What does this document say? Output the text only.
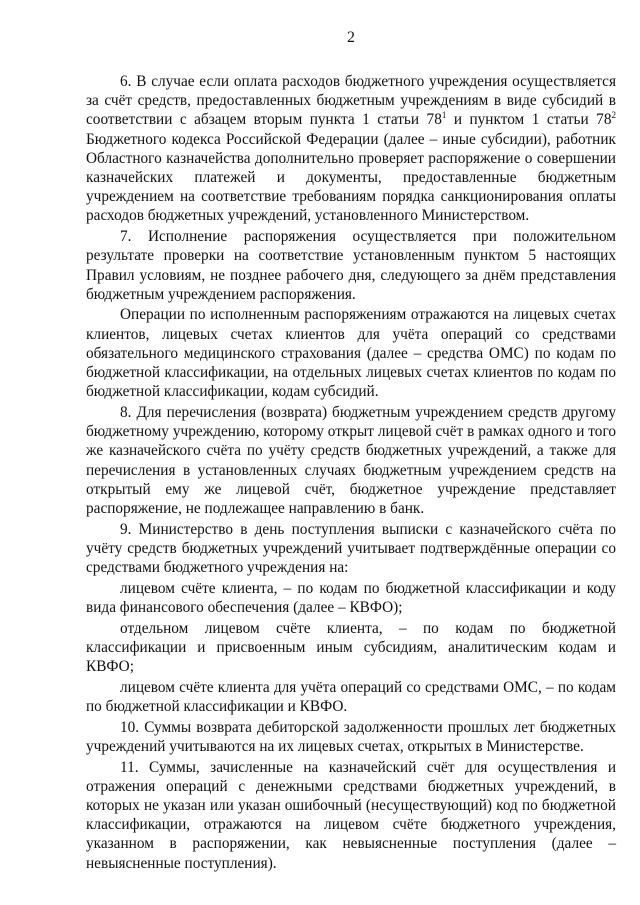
2

6. В случае если оплата расходов бюджетного учреждения осуществляется за счёт средств, предоставленных бюджетным учреждениям в виде субсидий в соответствии с абзацем вторым пункта 1 статьи $78^1$ и пунктом 1 статьи $78^2$ Бюджетного кодекса Российской Федерации (далее – иные субсидии), работник Областного казначейства дополнительно проверяет распоряжение о совершении казначейских платежей и документы, предоставленные бюджетным учреждением на соответствие требованиям порядка санкционирования оплаты расходов бюджетных учреждений, установленного Министерством.

7. Исполнение распоряжения осуществляется при положительном результате проверки на соответствие установленным пунктом 5 настоящих Правил условиям, не позднее рабочего дня, следующего за днём представления бюджетным учреждением распоряжения.

Операции по исполненным распоряжениям отражаются на лицевых счетах клиентов, лицевых счетах клиентов для учёта операций со средствами обязательного медицинского страхования (далее – средства ОМС) по кодам по бюджетной классификации, на отдельных лицевых счетах клиентов по кодам по бюджетной классификации, кодам субсидий.

8. Для перечисления (возврата) бюджетным учреждением средств другому бюджетному учреждению, которому открыт лицевой счёт в рамках одного и того же казначейского счёта по учёту средств бюджетных учреждений, а также для перечисления в установленных случаях бюджетным учреждением средств на открытый ему же лицевой счёт, бюджетное учреждение представляет распоряжение, не подлежащее направлению в банк.

9. Министерство в день поступления выписки с казначейского счёта по учёту средств бюджетных учреждений учитывает подтверждённые операции со средствами бюджетного учреждения на:

лицевом счёте клиента, – по кодам по бюджетной классификации и коду вида финансового обеспечения (далее – КВФО);

отдельном лицевом счёте клиента, – по кодам по бюджетной классификации и присвоенным иным субсидиям, аналитическим кодам и КВФО;

лицевом счёте клиента для учёта операций со средствами ОМС, – по кодам по бюджетной классификации и КВФО.

10. Суммы возврата дебиторской задолженности прошлых лет бюджетных учреждений учитываются на их лицевых счетах, открытых в Министерстве.

11. Суммы, зачисленные на казначейский счёт для осуществления и отражения операций с денежными средствами бюджетных учреждений, в которых не указан или указан ошибочный (несуществующий) код по бюджетной классификации, отражаются на лицевом счёте бюджетного учреждения, указанном в распоряжении, как невыясненные поступления (далее – невыясненные поступления).
